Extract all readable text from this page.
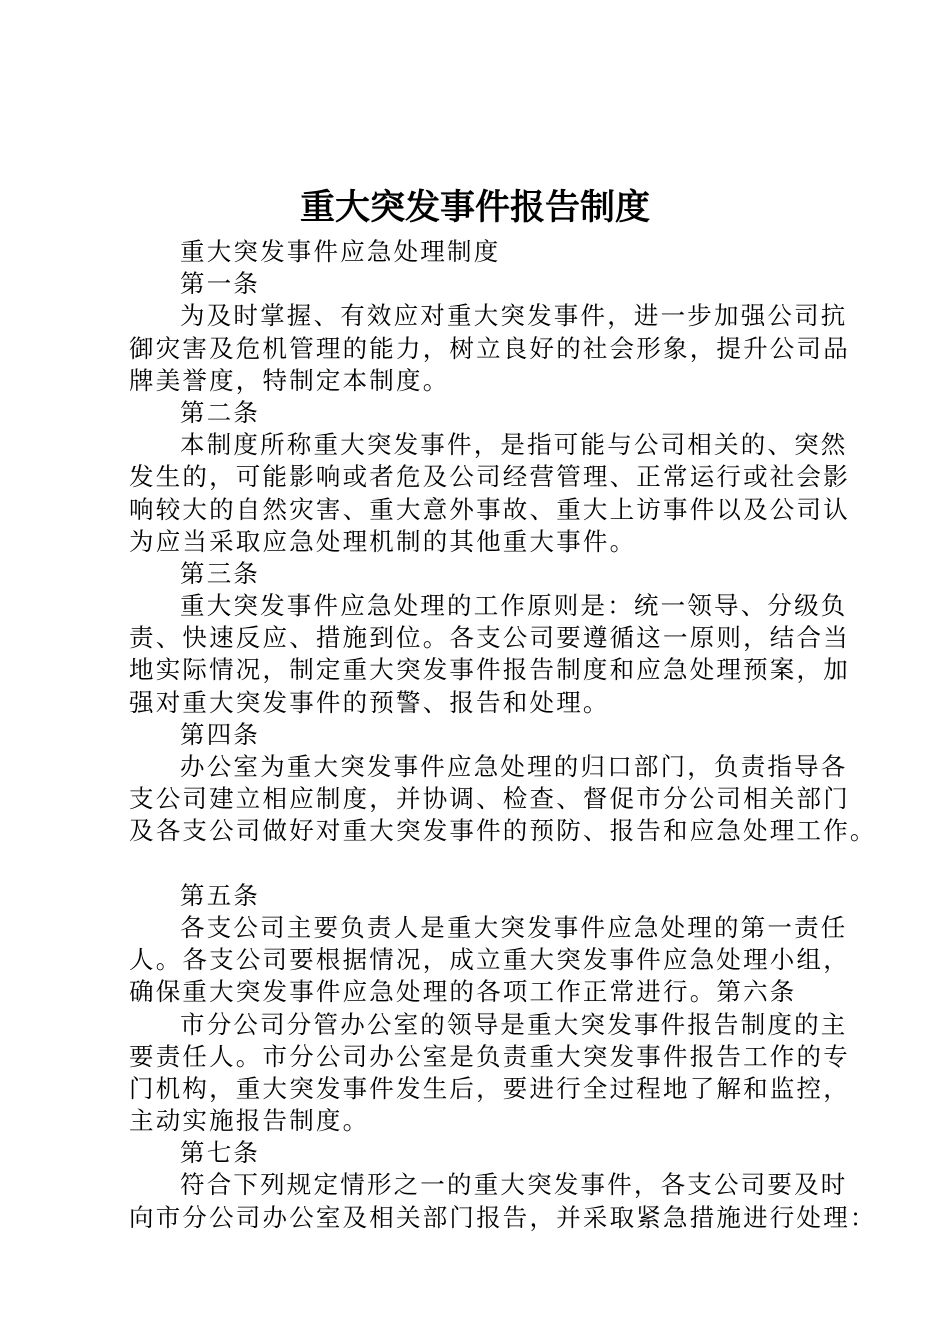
重大突发事件报告制度
重大突发事件应急处理制度
第一条
为及时掌握、有效应对重大突发事件，进一步加强公司抗
御灾害及危机管理的能力，树立良好的社会形象，提升公司品
牌美誉度，特制定本制度。
第二条
本制度所称重大突发事件，是指可能与公司相关的、突然
发生的，可能影响或者危及公司经营管理、正常运行或社会影
响较大的自然灾害、重大意外事故、重大上访事件以及公司认
为应当采取应急处理机制的其他重大事件。
第三条
重大突发事件应急处理的工作原则是：统一领导、分级负
责、快速反应、措施到位。各支公司要遵循这一原则，结合当
地实际情况，制定重大突发事件报告制度和应急处理预案，加
强对重大突发事件的预警、报告和处理。
第四条
办公室为重大突发事件应急处理的归口部门，负责指导各
支公司建立相应制度，并协调、检查、督促市分公司相关部门
及各支公司做好对重大突发事件的预防、报告和应急处理工作。
第五条
各支公司主要负责人是重大突发事件应急处理的第一责任
人。各支公司要根据情况，成立重大突发事件应急处理小组，
确保重大突发事件应急处理的各项工作正常进行。第六条
市分公司分管办公室的领导是重大突发事件报告制度的主
要责任人。市分公司办公室是负责重大突发事件报告工作的专
门机构，重大突发事件发生后，要进行全过程地了解和监控，
主动实施报告制度。
第七条
符合下列规定情形之一的重大突发事件，各支公司要及时
向市分公司办公室及相关部门报告，并采取紧急措施进行处理：
